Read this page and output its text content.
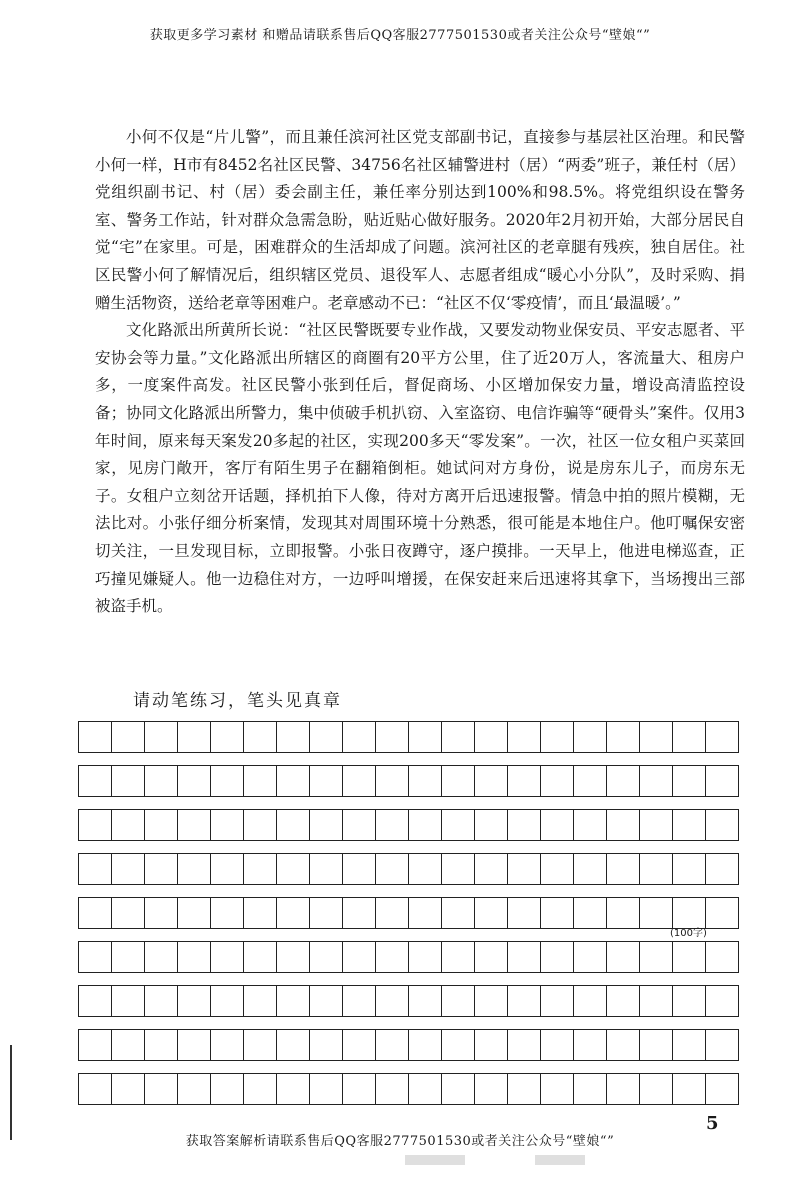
获取更多学习素材 和赠品请联系售后QQ客服2777501530或者关注公众号“壁娘“”

小何不仅是“片儿警”，而且兼任滨河社区党支部副书记，直接参与基层社区治理。和民警小何一样，H市有8452名社区民警、34756名社区辅警进村（居）“两委”班子，兼任村（居）党组织副书记、村（居）委会副主任，兼任率分别达到100%和98.5%。将党组织设在警务室、警务工作站，针对群众急需急盼，贴近贴心做好服务。2020年2月初开始，大部分居民自觉“宅”在家里。可是，困难群众的生活却成了问题。滨河社区的老章腿有残疾，独自居住。社区民警小何了解情况后，组织辖区党员、退役军人、志愿者组成“暖心小分队”，及时采购、捐赠生活物资，送给老章等困难户。老章感动不已：“社区不仅‘零疫情’，而且‘最温暖’。”

文化路派出所黄所长说：“社区民警既要专业作战，又要发动物业保安员、平安志愿者、平安协会等力量。”文化路派出所辖区的商圈有20平方公里，住了近20万人，客流量大、租房户多，一度案件高发。社区民警小张到任后，督促商场、小区增加保安力量，增设高清监控设备；协同文化路派出所警力，集中侦破手机扒窃、入室盗窃、电信诈骗等“硬骨头”案件。仅用3年时间，原来每天案发20多起的社区，实现200多天“零发案”。一次，社区一位女租户买菜回家，见房门敞开，客厅有陌生男子在翻箱倒柜。她试问对方身份，说是房东儿子，而房东无子。女租户立刻岔开话题，择机拍下人像，待对方离开后迅速报警。情急中拍的照片模糊，无法比对。小张仔细分析案情，发现其对周围环境十分熟悉，很可能是本地住户。他叮嘱保安密切关注，一旦发现目标，立即报警。小张日夜蹲守，逐户摸排。一天早上，他进电梯巡查，正巧撞见嫌疑人。他一边稳住对方，一边呼叫增援，在保安赶来后迅速将其拿下，当场搜出三部被盗手机。

请动笔练习，笔头见真章
(100字)
5
获取答案解析请联系售后QQ客服2777501530或者关注公众号“壁娘“”
